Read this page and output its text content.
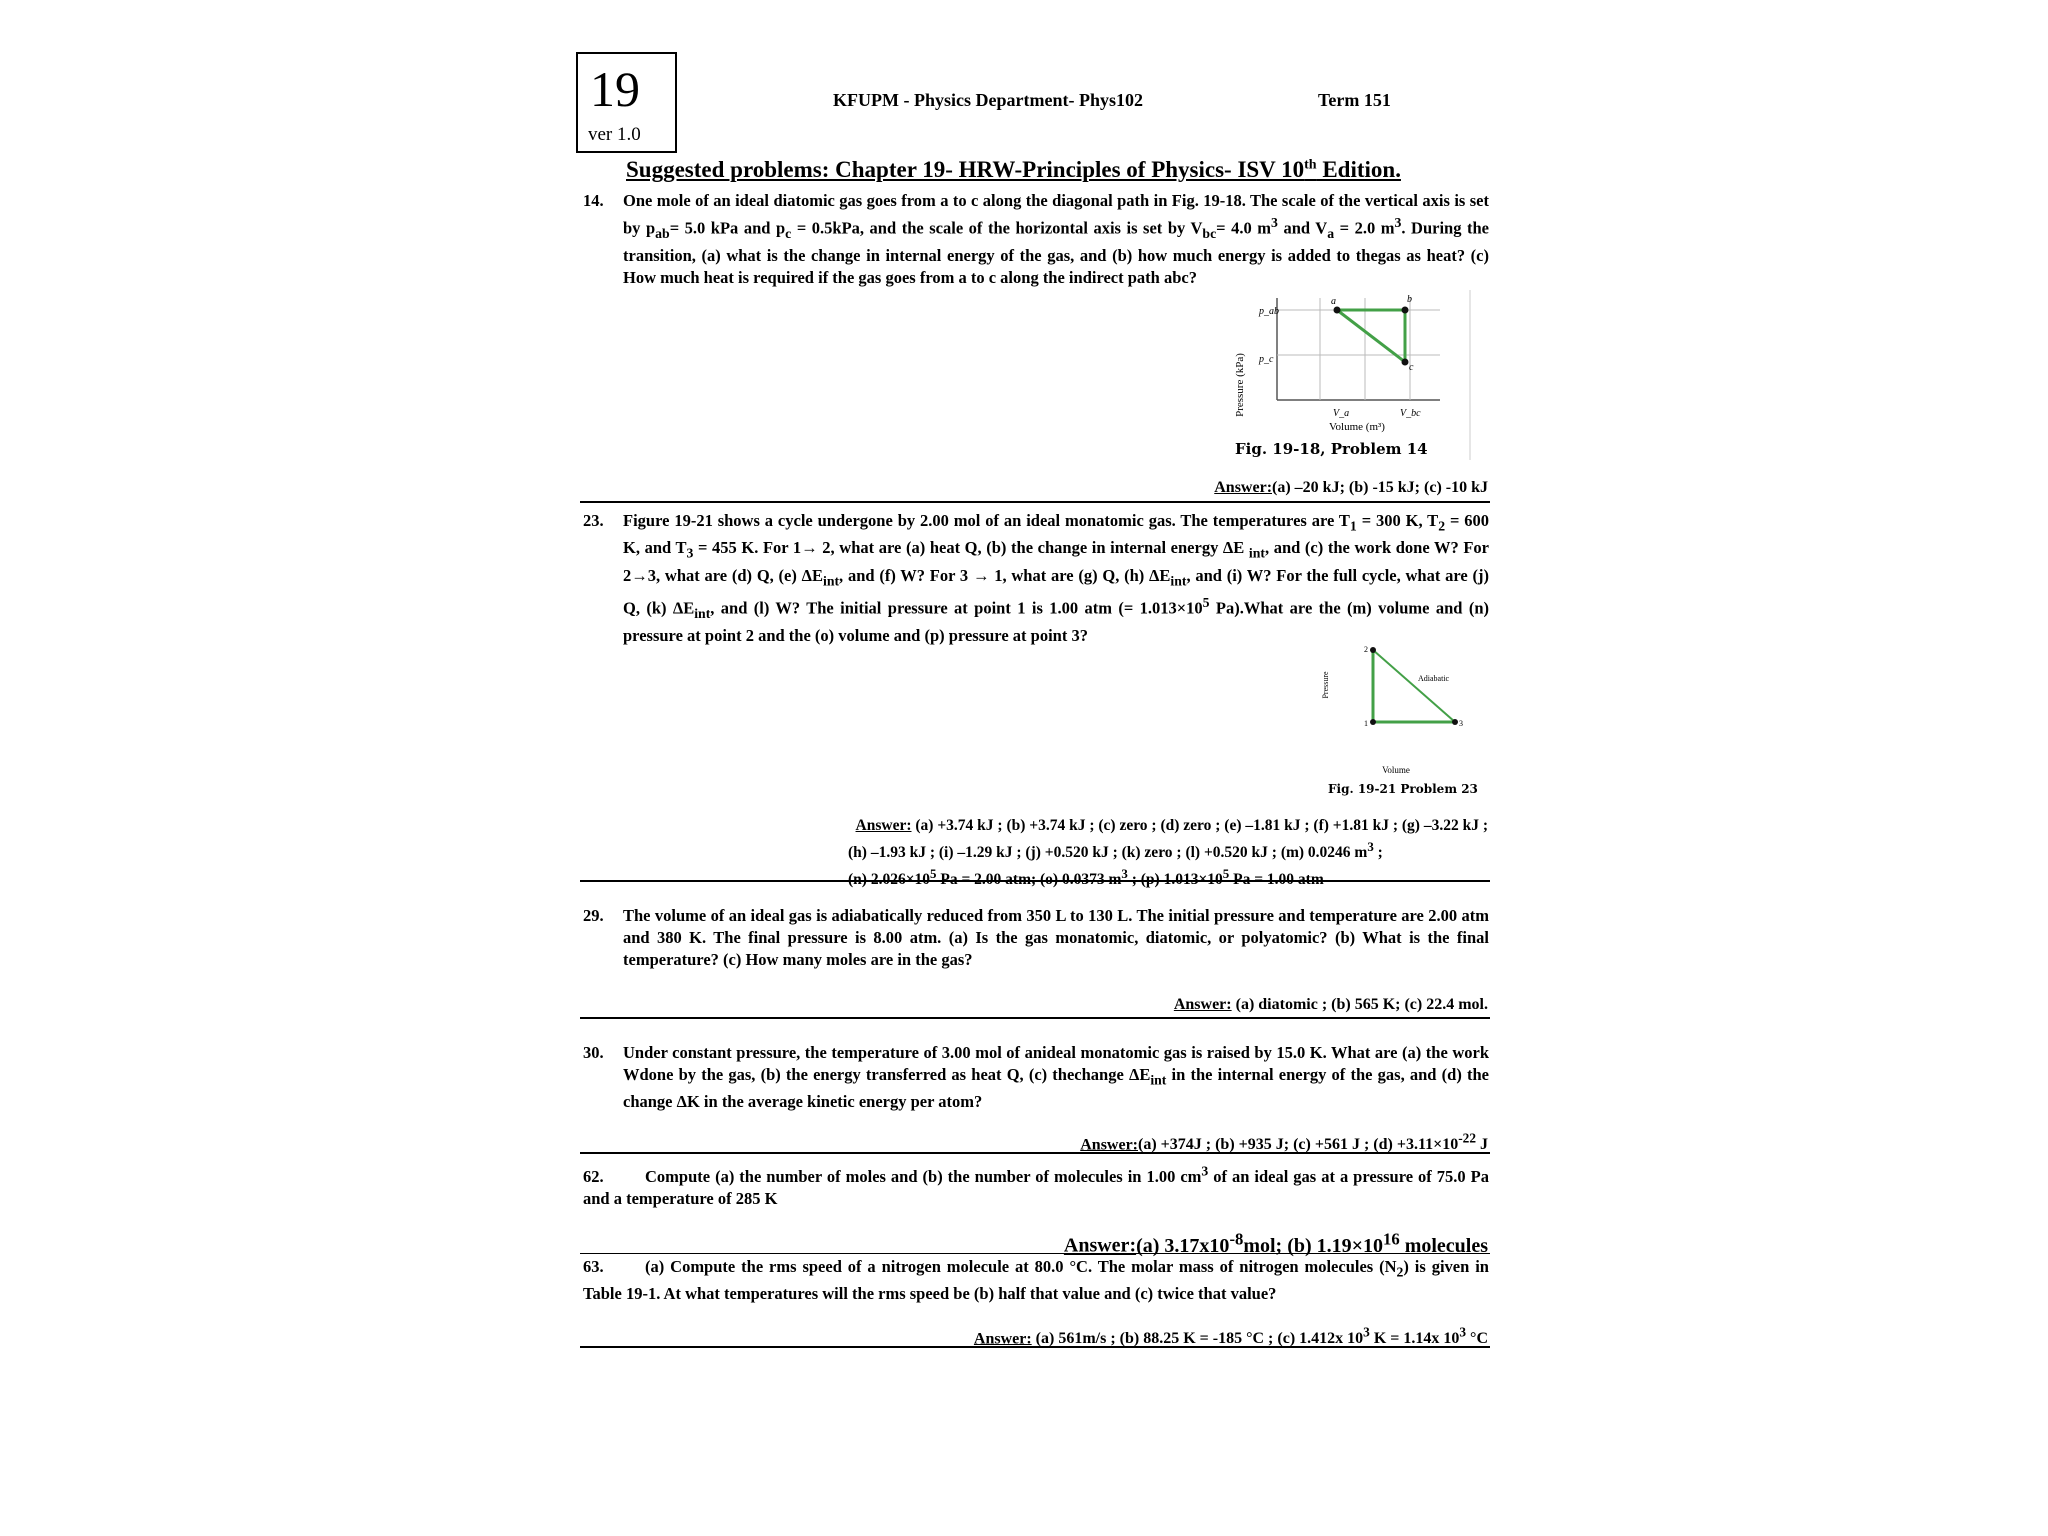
19
ver 1.0
KFUPM - Physics Department- Phys102	Term 151
Suggested problems: Chapter 19- HRW-Principles of Physics- ISV 10th Edition.
14. One mole of an ideal diatomic gas goes from a to c along the diagonal path in Fig. 19-18. The scale of the vertical axis is set by $p_{ab}= 5.0$ kPa and $p_c = 0.5kPa$, and the scale of the horizontal axis is set by $V_{bc}= 4.0$ $m^3$ and $V_a = 2.0$ $m^3$. During the transition, (a) what is the change in internal energy of the gas, and (b) how much energy is added to thegas as heat? (c) How much heat is required if the gas goes from a to c along the indirect path abc?
Pressure (kPa)
p_ab
p_c
a	b
c
V_a	V_bc
Volume (m³)
Fig. 19-18, Problem 14
Answer:(a) –20 kJ; (b) -15 kJ; (c) -10 kJ
23. Figure 19-21 shows a cycle undergone by 2.00 mol of an ideal monatomic gas. The temperatures are $T_1 = 300$ K, $T_2 = 600$ K, and $T_3 = 455$ K. For 1→ 2, what are (a) heat Q, (b) the change in internal energy ΔE $_{int}$, and (c) the work done W? For 2→3, what are (d) Q, (e) $\Delta E_{int}$, and (f) W? For 3 → 1, what are (g) Q, (h) $\Delta E_{int}$, and (i) W? For the full cycle, what are (j) Q, (k) $\Delta E_{int}$, and (l) W? The initial pressure at point 1 is 1.00 atm (= $1.013\times 10^5$ Pa).What are the (m) volume and (n) pressure at point 2 and the (o) volume and (p) pressure at point 3?
Pressure
1
2
3
Adiabatic
Volume
Fig. 19-21 Problem 23
Answer: (a) +3.74 kJ ; (b) +3.74 kJ ; (c) zero ; (d) zero ; (e) –1.81 kJ ; (f) +1.81 kJ ; (g) –3.22 kJ ;
(h) –1.93 kJ ; (i) –1.29 kJ ; (j) +0.520 kJ ; (k) zero ; (l) +0.520 kJ ; (m) 0.0246 $m^3$ ;
(n) $2.026\times 10^5$ Pa = 2.00 atm; (o) 0.0373 $m^3$ ; (p) $1.013\times 10^5$ Pa = 1.00 atm
29. The volume of an ideal gas is adiabatically reduced from 350 L to 130 L. The initial pressure and temperature are 2.00 atm and 380 K. The final pressure is 8.00 atm. (a) Is the gas monatomic, diatomic, or polyatomic? (b) What is the final temperature? (c) How many moles are in the gas?
Answer: (a) diatomic ; (b) 565 K; (c) 22.4 mol.
30. Under constant pressure, the temperature of 3.00 mol of anideal monatomic gas is raised by 15.0 K. What are (a) the work Wdone by the gas, (b) the energy transferred as heat Q, (c) thechange $\Delta E_{int}$ in the internal energy of the gas, and (d) the change ΔK in the average kinetic energy per atom?
Answer:(a) +374J ; (b) +935 J; (c) +561 J ; $(d) +3.11\times 10^{-22}$ J
62.	Compute (a) the number of moles and (b) the number of molecules in 1.00 $cm^3$ of an ideal gas at a pressure of 75.0 Pa and a temperature of 285 K
Answer:(a) $3.17x10^{-8}mol$; (b) $1.19\times 10^{16}$ molecules
63.	(a) Compute the rms speed of a nitrogen molecule at 80.0 °C. The molar mass of nitrogen molecules $(N_2)$ is given in Table 19-1. At what temperatures will the rms speed be (b) half that value and (c) twice that value?
Answer: (a) 561m/s ; (b) 88.25 K = -185 °C ; (c) 1.412x $10^3$ K = 1.14x $10^3$ °C
